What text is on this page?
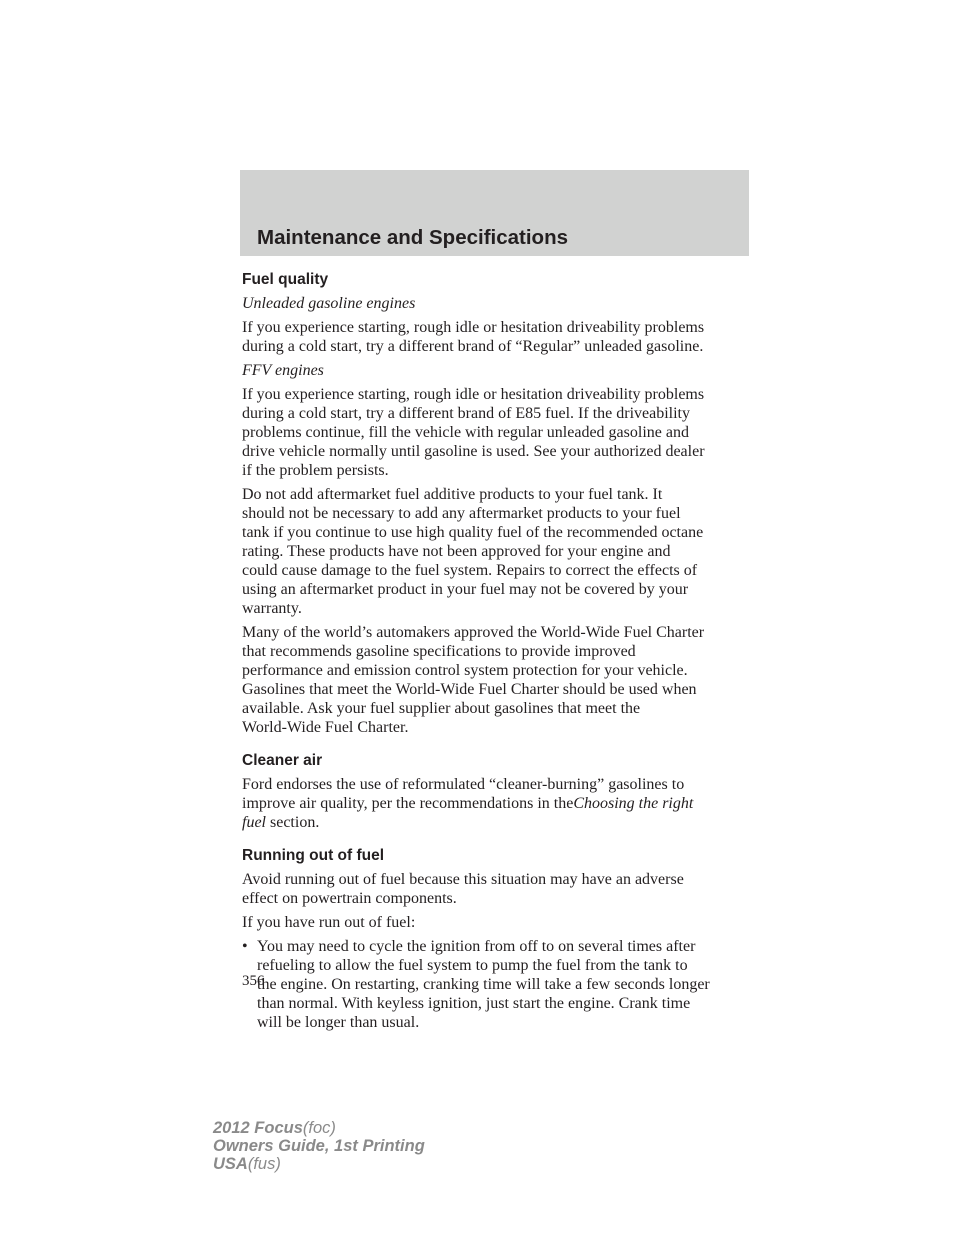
Maintenance and Specifications
Fuel quality
Unleaded gasoline engines
If you experience starting, rough idle or hesitation driveability problems
during a cold start, try a different brand of “Regular” unleaded gasoline.
FFV engines
If you experience starting, rough idle or hesitation driveability problems
during a cold start, try a different brand of E85 fuel. If the driveability
problems continue, fill the vehicle with regular unleaded gasoline and
drive vehicle normally until gasoline is used. See your authorized dealer
if the problem persists.
Do not add aftermarket fuel additive products to your fuel tank. It
should not be necessary to add any aftermarket products to your fuel
tank if you continue to use high quality fuel of the recommended octane
rating. These products have not been approved for your engine and
could cause damage to the fuel system. Repairs to correct the effects of
using an aftermarket product in your fuel may not be covered by your
warranty.
Many of the world’s automakers approved the World-Wide Fuel Charter
that recommends gasoline specifications to provide improved
performance and emission control system protection for your vehicle.
Gasolines that meet the World-Wide Fuel Charter should be used when
available. Ask your fuel supplier about gasolines that meet the
World-Wide Fuel Charter.
Cleaner air
Ford endorses the use of reformulated “cleaner-burning” gasolines to
improve air quality, per the recommendations in theChoosing the right
fuel section.
Running out of fuel
Avoid running out of fuel because this situation may have an adverse
effect on powertrain components.
If you have run out of fuel:
• You may need to cycle the ignition from off to on several times after
refueling to allow the fuel system to pump the fuel from the tank to
the engine. On restarting, cranking time will take a few seconds longer
than normal. With keyless ignition, just start the engine. Crank time
will be longer than usual.
356
2012 Focus(foc)
Owners Guide, 1st Printing
USA(fus)
